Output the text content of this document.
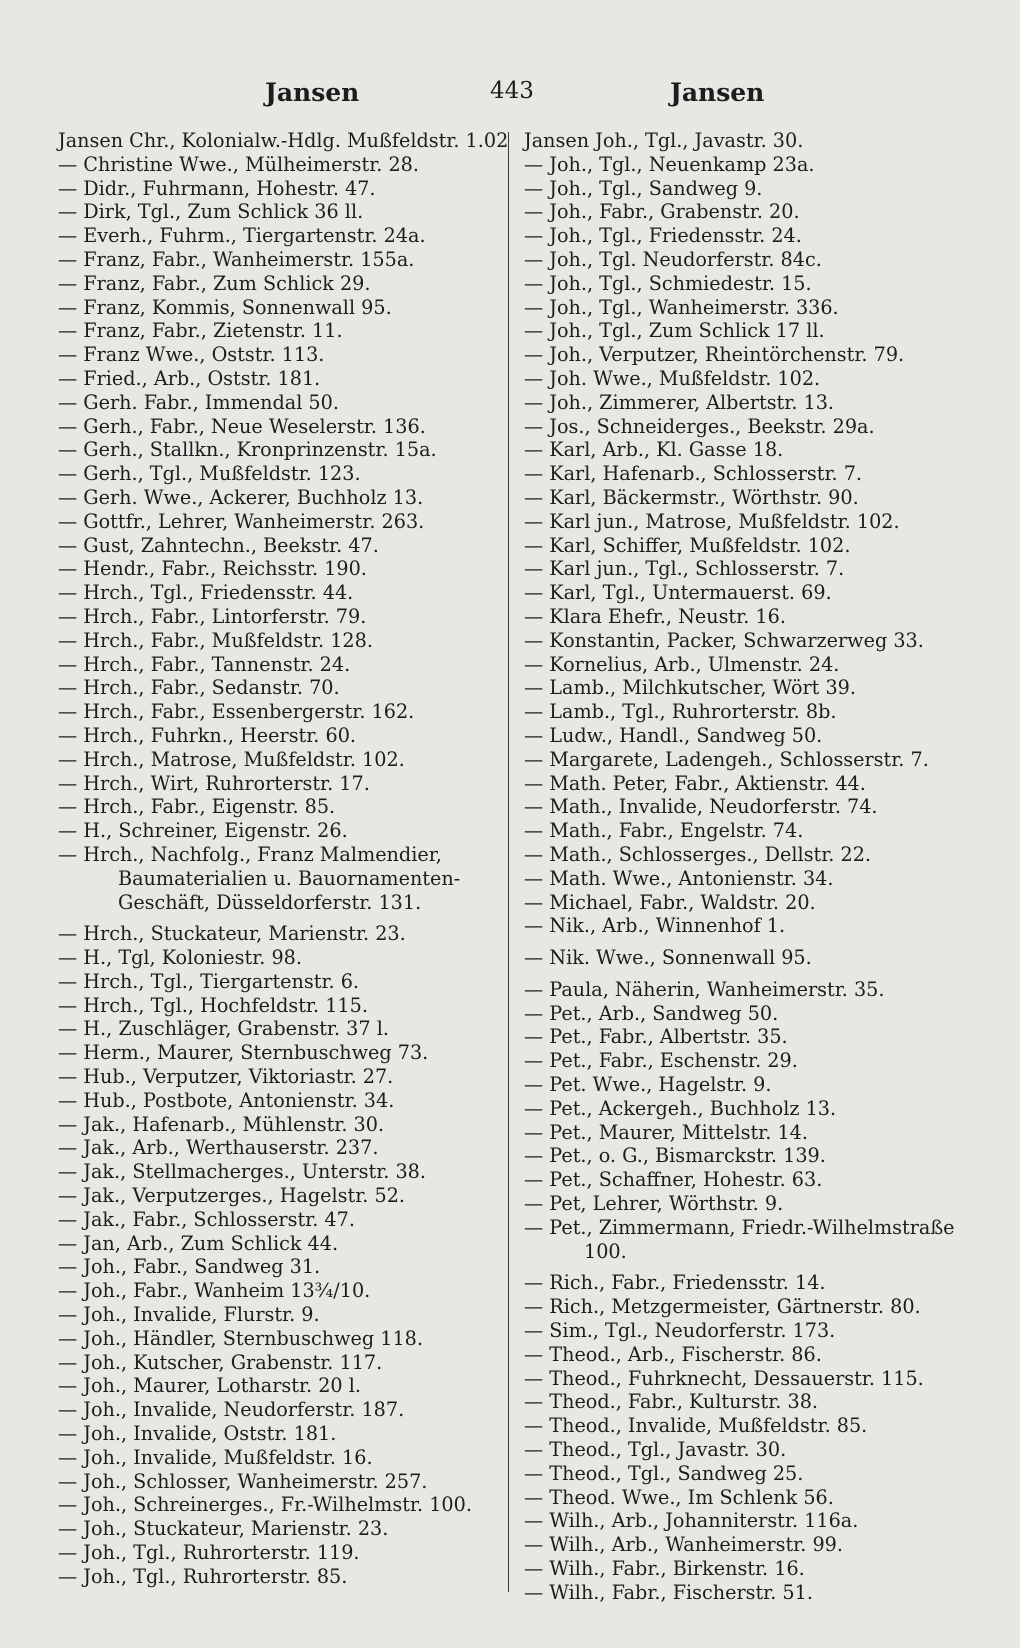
Jansen	443	Jansen
Jansen Chr., Kolonialw.-Hdlg. Mußfeldstr. 1.02
— Christine Wwe., Mülheimerstr. 28.
— Didr., Fuhrmann, Hohestr. 47.
— Dirk, Tgl., Zum Schlick 36 ll.
— Everh., Fuhrm., Tiergartenstr. 24a.
— Franz, Fabr., Wanheimerstr. 155a.
— Franz, Fabr., Zum Schlick 29.
— Franz, Kommis, Sonnenwall 95.
— Franz, Fabr., Zietenstr. 11.
— Franz Wwe., Oststr. 113.
— Fried., Arb., Oststr. 181.
— Gerh. Fabr., Immendal 50.
— Gerh., Fabr., Neue Weselerstr. 136.
— Gerh., Stallkn., Kronprinzenstr. 15a.
— Gerh., Tgl., Mußfeldstr. 123.
— Gerh. Wwe., Ackerer, Buchholz 13.
— Gottfr., Lehrer, Wanheimerstr. 263.
— Gust, Zahntechn., Beekstr. 47.
— Hendr., Fabr., Reichsstr. 190.
— Hrch., Tgl., Friedensstr. 44.
— Hrch., Fabr., Lintorferstr. 79.
— Hrch., Fabr., Mußfeldstr. 128.
— Hrch., Fabr., Tannenstr. 24.
— Hrch., Fabr., Sedanstr. 70.
— Hrch., Fabr., Essenbergerstr. 162.
— Hrch., Fuhrkn., Heerstr. 60.
— Hrch., Matrose, Mußfeldstr. 102.
— Hrch., Wirt, Ruhrorterstr. 17.
— Hrch., Fabr., Eigenstr. 85.
— H., Schreiner, Eigenstr. 26.
— Hrch., Nachfolg., Franz Malmendier, Baumaterialien u. Bauornamenten-Geschäft, Düsseldorferstr. 131.
— Hrch., Stuckateur, Marienstr. 23.
— H., Tgl, Koloniestr. 98.
— Hrch., Tgl., Tiergartenstr. 6.
— Hrch., Tgl., Hochfeldstr. 115.
— H., Zuschläger, Grabenstr. 37 l.
— Herm., Maurer, Sternbuschweg 73.
— Hub., Verputzer, Viktoriastr. 27.
— Hub., Postbote, Antonienstr. 34.
— Jak., Hafenarb., Mühlenstr. 30.
— Jak., Arb., Werthauserstr. 237.
— Jak., Stellmacherges., Unterstr. 38.
— Jak., Verputzerges., Hagelstr. 52.
— Jak., Fabr., Schlosserstr. 47.
— Jan, Arb., Zum Schlick 44.
— Joh., Fabr., Sandweg 31.
— Joh., Fabr., Wanheim 13¾/10.
— Joh., Invalide, Flurstr. 9.
— Joh., Händler, Sternbuschweg 118.
— Joh., Kutscher, Grabenstr. 117.
— Joh., Maurer, Lotharstr. 20 l.
— Joh., Invalide, Neudorferstr. 187.
— Joh., Invalide, Oststr. 181.
— Joh., Invalide, Mußfeldstr. 16.
— Joh., Schlosser, Wanheimerstr. 257.
— Joh., Schreinerges., Fr.-Wilhelmstr. 100.
— Joh., Stuckateur, Marienstr. 23.
— Joh., Tgl., Ruhrorterstr. 119.
— Joh., Tgl., Ruhrorterstr. 85.
Jansen Joh., Tgl., Javastr. 30.
— Joh., Tgl., Neuenkamp 23a.
— Joh., Tgl., Sandweg 9.
— Joh., Fabr., Grabenstr. 20.
— Joh., Tgl., Friedensstr. 24.
— Joh., Tgl. Neudorferstr. 84c.
— Joh., Tgl., Schmiedestr. 15.
— Joh., Tgl., Wanheimerstr. 336.
— Joh., Tgl., Zum Schlick 17 ll.
— Joh., Verputzer, Rheintörchenstr. 79.
— Joh. Wwe., Mußfeldstr. 102.
— Joh., Zimmerer, Albertstr. 13.
— Jos., Schneiderges., Beekstr. 29a.
— Karl, Arb., Kl. Gasse 18.
— Karl, Hafenarb., Schlosserstr. 7.
— Karl, Bäckermstr., Wörthstr. 90.
— Karl jun., Matrose, Mußfeldstr. 102.
— Karl, Schiffer, Mußfeldstr. 102.
— Karl jun., Tgl., Schlosserstr. 7.
— Karl, Tgl., Untermauerst. 69.
— Klara Ehefr., Neustr. 16.
— Konstantin, Packer, Schwarzerweg 33.
— Kornelius, Arb., Ulmenstr. 24.
— Lamb., Milchkutscher, Wört 39.
— Lamb., Tgl., Ruhrorterstr. 8b.
— Ludw., Handl., Sandweg 50.
— Margarete, Ladengeh., Schlosserstr. 7.
— Math. Peter, Fabr., Aktienstr. 44.
— Math., Invalide, Neudorferstr. 74.
— Math., Fabr., Engelstr. 74.
— Math., Schlosserges., Dellstr. 22.
— Math. Wwe., Antonienstr. 34.
— Michael, Fabr., Waldstr. 20.
— Nik., Arb., Winnenhof 1.
— Nik. Wwe., Sonnenwall 95.
— Paula, Näherin, Wanheimerstr. 35.
— Pet., Arb., Sandweg 50.
— Pet., Fabr., Albertstr. 35.
— Pet., Fabr., Eschenstr. 29.
— Pet. Wwe., Hagelstr. 9.
— Pet., Ackergeh., Buchholz 13.
— Pet., Maurer, Mittelstr. 14.
— Pet., o. G., Bismarckstr. 139.
— Pet., Schaffner, Hohestr. 63.
— Pet, Lehrer, Wörthstr. 9.
— Pet., Zimmermann, Friedr.-Wilhelmstraße 100.
— Rich., Fabr., Friedensstr. 14.
— Rich., Metzgermeister, Gärtnerstr. 80.
— Sim., Tgl., Neudorferstr. 173.
— Theod., Arb., Fischerstr. 86.
— Theod., Fuhrknecht, Dessauerstr. 115.
— Theod., Fabr., Kulturstr. 38.
— Theod., Invalide, Mußfeldstr. 85.
— Theod., Tgl., Javastr. 30.
— Theod., Tgl., Sandweg 25.
— Theod. Wwe., Im Schlenk 56.
— Wilh., Arb., Johanniterstr. 116a.
— Wilh., Arb., Wanheimerstr. 99.
— Wilh., Fabr., Birkenstr. 16.
— Wilh., Fabr., Fischerstr. 51.
